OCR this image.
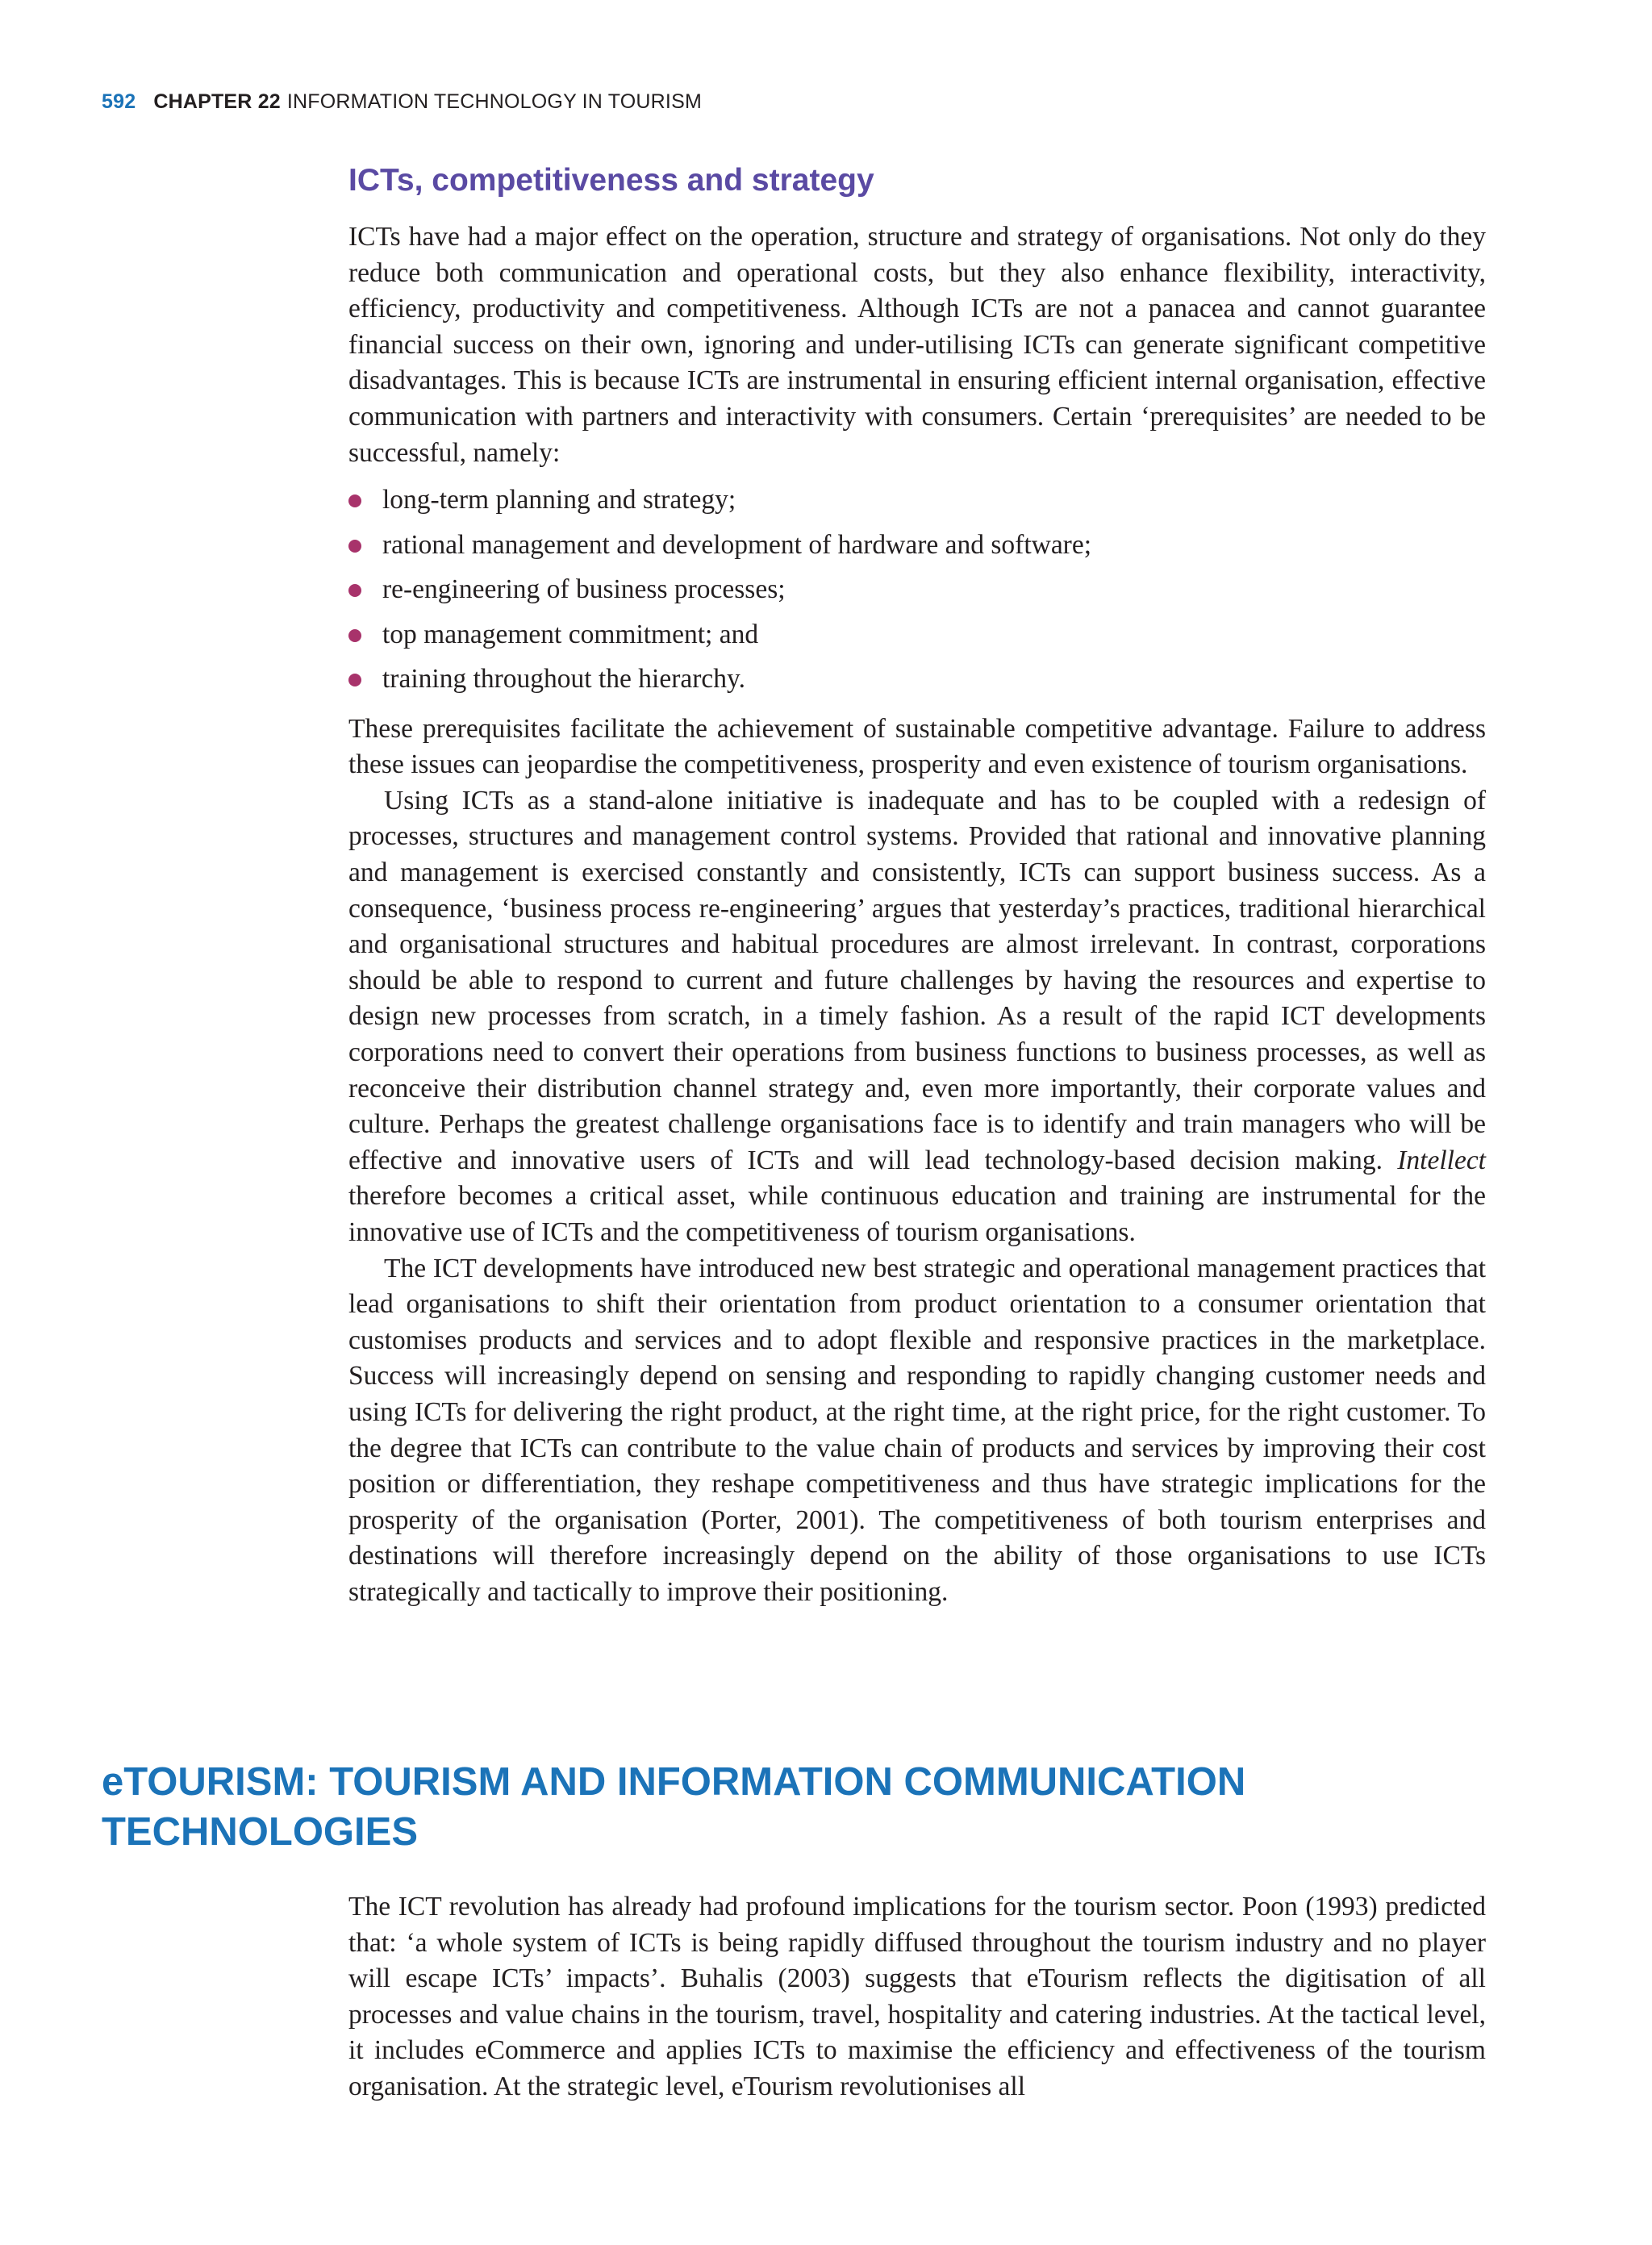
592 CHAPTER 22 INFORMATION TECHNOLOGY IN TOURISM
ICTs, competitiveness and strategy

ICTs have had a major effect on the operation, structure and strategy of organisations. Not only do they reduce both communication and operational costs, but they also enhance flexibility, interactivity, efficiency, productivity and competitiveness. Although ICTs are not a panacea and cannot guarantee financial success on their own, ignoring and under-utilising ICTs can generate significant competitive disadvantages. This is because ICTs are instrumental in ensuring efficient internal organisation, effective communication with partners and interactivity with consumers. Certain ‘prerequisites’ are needed to be successful, namely:

long-term planning and strategy;
rational management and development of hardware and software;
re-engineering of business processes;
top management commitment; and
training throughout the hierarchy.

These prerequisites facilitate the achievement of sustainable competitive advantage. Failure to address these issues can jeopardise the competitiveness, prosperity and even existence of tourism organisations.

Using ICTs as a stand-alone initiative is inadequate and has to be coupled with a redesign of processes, structures and management control systems. Provided that rational and innovative planning and management is exercised constantly and consistently, ICTs can support business success. As a consequence, ‘business process re-engineering’ argues that yesterday’s practices, traditional hierarchical and organisational structures and habitual procedures are almost irrelevant. In contrast, corporations should be able to respond to current and future challenges by having the resources and expertise to design new processes from scratch, in a timely fashion. As a result of the rapid ICT developments corporations need to convert their operations from business functions to business processes, as well as reconceive their distribution channel strategy and, even more importantly, their corporate values and culture. Perhaps the greatest challenge organisations face is to identify and train managers who will be effective and innovative users of ICTs and will lead technology-based decision making. Intellect therefore becomes a critical asset, while continuous education and training are instrumental for the innovative use of ICTs and the competitiveness of tourism organisations.

The ICT developments have introduced new best strategic and operational management practices that lead organisations to shift their orientation from product orientation to a consumer orientation that customises products and services and to adopt flexible and responsive practices in the marketplace. Success will increasingly depend on sensing and responding to rapidly changing customer needs and using ICTs for delivering the right product, at the right time, at the right price, for the right customer. To the degree that ICTs can contribute to the value chain of products and services by improving their cost position or differentiation, they reshape competitiveness and thus have strategic implications for the prosperity of the organisation (Porter, 2001). The competitiveness of both tourism enterprises and destinations will therefore increasingly depend on the ability of those organisations to use ICTs strategically and tactically to improve their positioning.

eTOURISM: TOURISM AND INFORMATION COMMUNICATION TECHNOLOGIES

The ICT revolution has already had profound implications for the tourism sector. Poon (1993) predicted that: ‘a whole system of ICTs is being rapidly diffused throughout the tourism industry and no player will escape ICTs’ impacts’. Buhalis (2003) suggests that eTourism reflects the digitisation of all processes and value chains in the tourism, travel, hospitality and catering industries. At the tactical level, it includes eCommerce and applies ICTs to maximise the efficiency and effectiveness of the tourism organisation. At the strategic level, eTourism revolutionises all
